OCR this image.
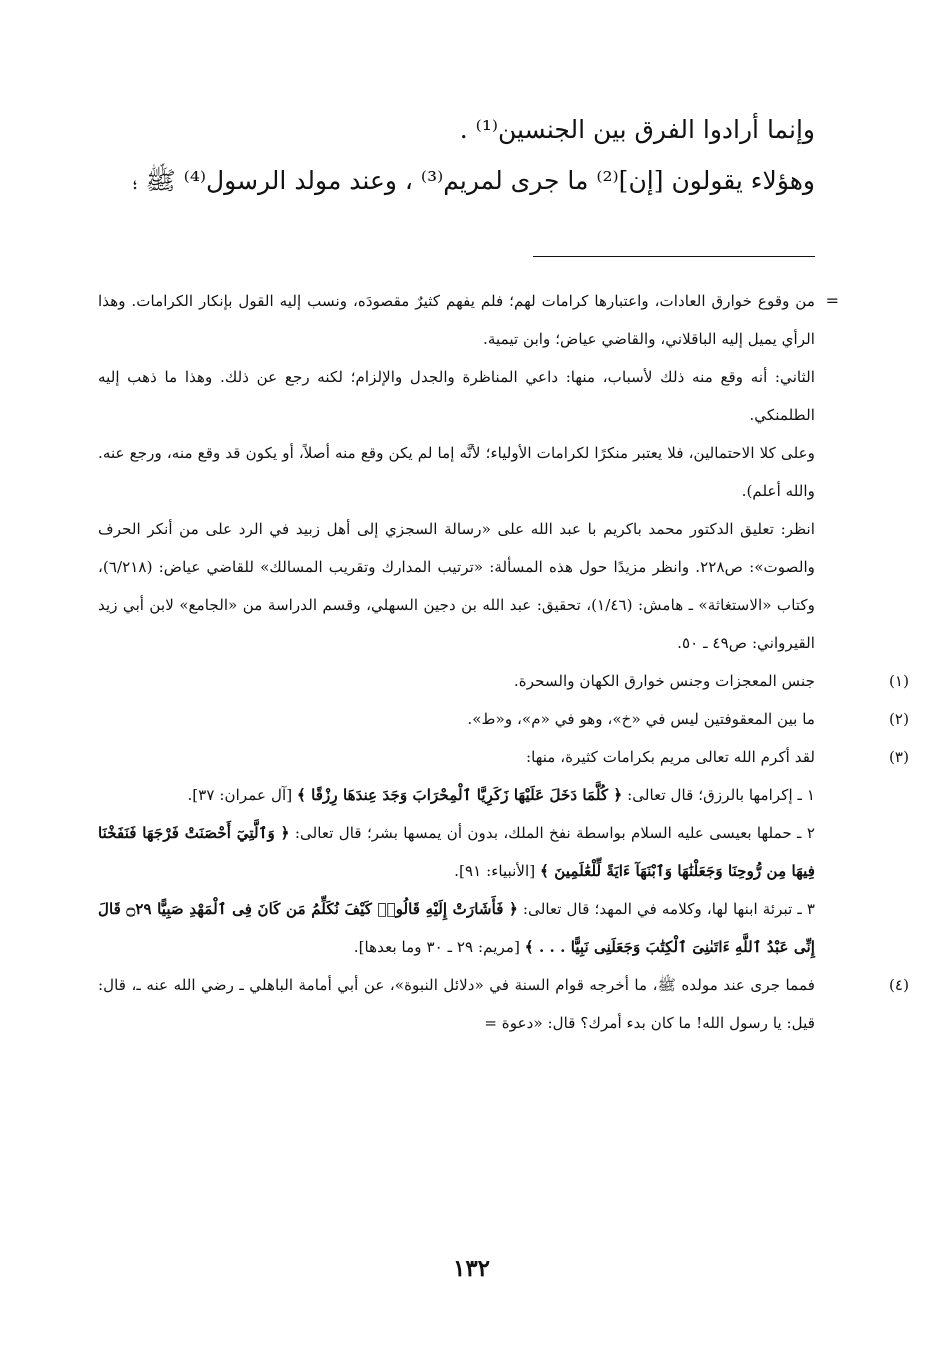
وإنما أرادوا الفرق بين الجنسين⁽¹⁾ .
وهؤلاء يقولون [إن]⁽²⁾ ما جرى لمريم⁽³⁾ ، وعند مولد الرسول⁽⁴⁾ ﷺ ؛
=

من وقوع خوارق العادات، واعتبارها كرامات لهم؛ فلم يفهم كثيرٌ مقصودَه، ونسب إليه القول بإنكار الكرامات. وهذا الرأي يميل إليه الباقلاني، والقاضي عياض؛ وابن تيمية.

الثاني: أنه وقع منه ذلك لأسباب، منها: داعي المناظرة والجدل والإلزام؛ لكنه رجع عن ذلك. وهذا ما ذهب إليه الطلمنكي.

وعلى كلا الاحتمالين، فلا يعتبر منكرًا لكرامات الأولياء؛ لأنَّه إما لم يكن وقع منه أصلاً، أو يكون قد وقع منه، ورجع عنه. والله أعلم).

انظر: تعليق الدكتور محمد باكريم با عبد الله على «رسالة السجزي إلى أهل زبيد في الرد على من أنكر الحرف والصوت»: ص٢٢٨. وانظر مزيدًا حول هذه المسألة: «ترتيب المدارك وتقريب المسالك» للقاضي عياض: (٦/٢١٨)، وكتاب «الاستغاثة» ـ هامش: (١/٤٦)، تحقيق: عبد الله بن دجين السهلي، وقسم الدراسة من «الجامع» لابن أبي زيد القيرواني: ص٤٩ ـ ٥٠.

(١)
جنس المعجزات وجنس خوارق الكهان والسحرة.

(٢)
ما بين المعقوفتين ليس في «خ»، وهو في «م»، و«ط».

(٣)
لقد أكرم الله تعالى مريم بكرامات كثيرة، منها:

١ ـ إكرامها بالرزق؛ قال تعالى: ﴿ كُلَّمَا دَخَلَ عَلَيْهَا زَكَرِيَّا ٱلْمِحْرَابَ وَجَدَ عِندَهَا رِزْقًا ﴾ [آل عمران: ٣٧].

٢ ـ حملها بعيسى عليه السلام بواسطة نفخ الملك، بدون أن يمسها بشر؛ قال تعالى: ﴿ وَٱلَّتِيٓ أَحْصَنَتْ فَرْجَهَا فَنَفَخْنَا فِيهَا مِن رُّوحِنَا وَجَعَلْنَٰهَا وَٱبْنَهَآ ءَايَةً لِّلْعَٰلَمِينَ ﴾ [الأنبياء: ٩١].

٣ ـ تبرئة ابنها لها، وكلامه في المهد؛ قال تعالى: ﴿ فَأَشَارَتْ إِلَيْهِ قَالُوا۟ كَيْفَ نُكَلِّمُ مَن كَانَ فِى ٱلْمَهْدِ صَبِيًّا ۝٢٩ قَالَ إِنِّى عَبْدُ ٱللَّهِ ءَاتَىٰنِىَ ٱلْكِتَٰبَ وَجَعَلَنِى نَبِيًّا . . . ﴾ [مريم: ٢٩ ـ ٣٠ وما بعدها].

(٤)
فمما جرى عند مولده ﷺ، ما أخرجه قوام السنة في «دلائل النبوة»، عن أبي أمامة الباهلي ـ رضي الله عنه ـ، قال: قيل: يا رسول الله! ما كان بدء أمرك؟ قال: «دعوة =

١٣٢
